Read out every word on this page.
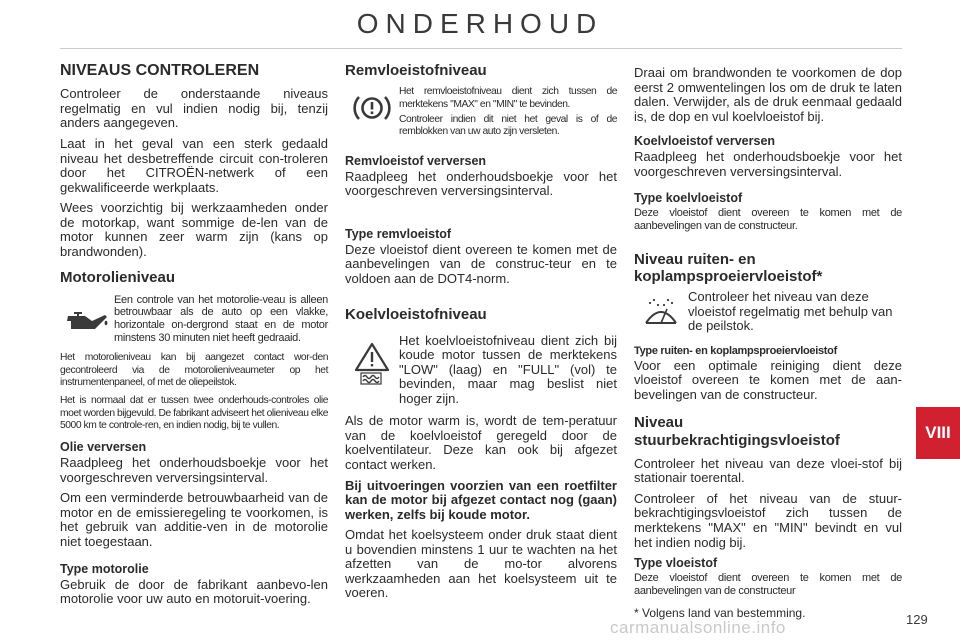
ONDERHOUD
NIVEAUS CONTROLEREN

Controleer de onderstaande niveaus regelmatig en vul indien nodig bij, tenzij anders aangegeven.

Laat in het geval van een sterk gedaald niveau het desbetreffende circuit con-troleren door het CITROËN-netwerk of een gekwalificeerde werkplaats.

Wees voorzichtig bij werkzaamheden onder de motorkap, want sommige de-len van de motor kunnen zeer warm zijn (kans op brandwonden).

Motorolieniveau

Een controle van het motorolie-veau is alleen betrouwbaar als de auto op een vlakke, horizontale on-dergrond staat en de motor minstens 30 minuten niet heeft gedraaid.

Het motorolieniveau kan bij aangezet contact wor-den gecontroleerd via de motorolieniveaumeter op het instrumentenpaneel, of met de oliepeilstok.

Het is normaal dat er tussen twee onderhouds-controles olie moet worden bijgevuld. De fabrikant adviseert het olieniveau elke 5000 km te controle-ren, en indien nodig, bij te vullen.

Olie verversen

Raadpleeg het onderhoudsboekje voor het voorgeschreven verversingsinterval.

Om een verminderde betrouwbaarheid van de motor en de emissieregeling te voorkomen, is het gebruik van additie-ven in de motorolie niet toegestaan.

Type motorolie

Gebruik de door de fabrikant aanbevo-len motorolie voor uw auto en motoruit-voering.

Remvloeistofniveau

Het remvloeistofniveau dient zich tussen de merktekens "MAX" en "MIN" te bevinden.

Controleer indien dit niet het geval is of de remblokken van uw auto zijn versleten.

Remvloeistof verversen

Raadpleeg het onderhoudsboekje voor het voorgeschreven verversingsinterval.

Type remvloeistof

Deze vloeistof dient overeen te komen met de aanbevelingen van de construc-teur en te voldoen aan de DOT4-norm.

Koelvloeistofniveau

Het koelvloeistofniveau dient zich bij koude motor tussen de merktekens "LOW" (laag) en "FULL" (vol) te bevinden, maar mag beslist niet hoger zijn.

Als de motor warm is, wordt de tem-peratuur van de koelvloeistof geregeld door de koelventilateur. Deze kan ook bij afgezet contact werken.

Bij uitvoeringen voorzien van een roetfilter kan de motor bij afgezet contact nog (gaan) werken, zelfs bij koude motor.

Omdat het koelsysteem onder druk staat dient u bovendien minstens 1 uur te wachten na het afzetten van de mo-tor alvorens werkzaamheden aan het koelsysteem uit te voeren.

Draai om brandwonden te voorkomen de dop eerst 2 omwentelingen los om de druk te laten dalen. Verwijder, als de druk eenmaal gedaald is, de dop en vul koelvloeistof bij.

Koelvloeistof verversen

Raadpleeg het onderhoudsboekje voor het voorgeschreven verversingsinterval.

Type koelvloeistof

Deze vloeistof dient overeen te komen met de aanbevelingen van de constructeur.

Niveau ruiten- en
koplampsproeiervloeistof*

Controleer het niveau van deze vloeistof regelmatig met behulp van de peilstok.

Type ruiten- en koplampsproeiervloeistof

Voor een optimale reiniging dient deze vloeistof overeen te komen met de aan-bevelingen van de constructeur.

Niveau
stuurbekrachtigingsvloeistof

Controleer het niveau van deze vloei-stof bij stationair toerental.

Controleer of het niveau van de stuur-bekrachtigingsvloeistof zich tussen de merktekens "MAX" en "MIN" bevindt en vul het indien nodig bij.

Type vloeistof

Deze vloeistof dient overeen te komen met de aanbevelingen van de constructeur

* Volgens land van bestemming.

VIII
carmanualsonline.info	129
